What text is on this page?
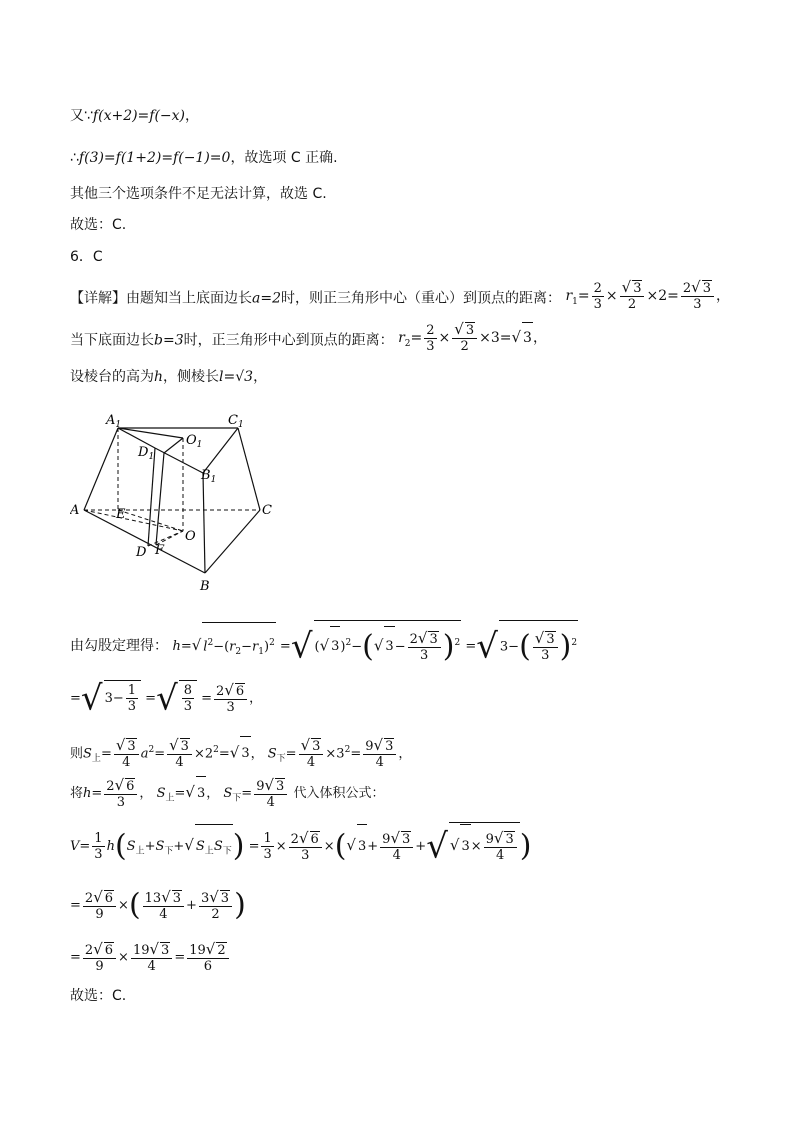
又∵f(x+2)=f(−x)，
∴f(3)=f(1+2)=f(−1)=0，故选项 C 正确.
其他三个选项条件不足无法计算，故选 C.
故选：C.
6．C
【详解】由题知当上底面边长a=2时，则正三角形中心（重心）到顶点的距离： $r_1= \frac{2}{3} \times \frac{√ 3}{2} \times 2= \frac{2√ 3}{3}$ ，
当下底面边长b=3时，正三角形中心到顶点的距离： $r_2= \frac{2}{3} \times \frac{√ 3}{2} \times 3=√$ 3，
设棱台的高为h，侧棱长l=√3，
$A_1$	$C_1$
$O_1$
$D_1$
$B_1$
A	E	C
D F
O
B
由勾股定理得： h=√ $l^2-(r_2-r_1)^2$ =√ (√ 3)$^2$−(√ $3- \frac{2√ 3}{3} )^2$ =√ $3-( \frac{√ 3}{3} )^2$
=√ $3- \frac{1}{3}$ =√ $\frac{8}{3} = \frac{2√ 6}{3}$ ，
则$S_上= \frac{√ 3}{4} a^2= \frac{√ 3}{4} \times 2^2=√$ 3， $S_下= \frac{√ 3}{4} \times 3^2= \frac{9√ 3}{4}$ ，
将$h= \frac{2√ 6}{3}$ ， $S_上=√$ 3， $S_下= \frac{9√ 3}{4}$ 代入体积公式：
$V= \frac{1}{3} h(S_上+S_下+√$ $S_上S_下) = \frac{1}{3} \times \frac{2√ 6}{3}$ ×(√ $3+ \frac{9√ 3}{4}$ +√ √ $3\times \frac{9√ 3}{4}$ )
= $\frac{2√ 6}{9}$ ×( $\frac{13√ 3}{4} + \frac{3√ 3}{2}$ )
= $\frac{2√ 6}{9} \times \frac{19√ 3}{4} = \frac{19√ 2}{6}$
故选：C.
